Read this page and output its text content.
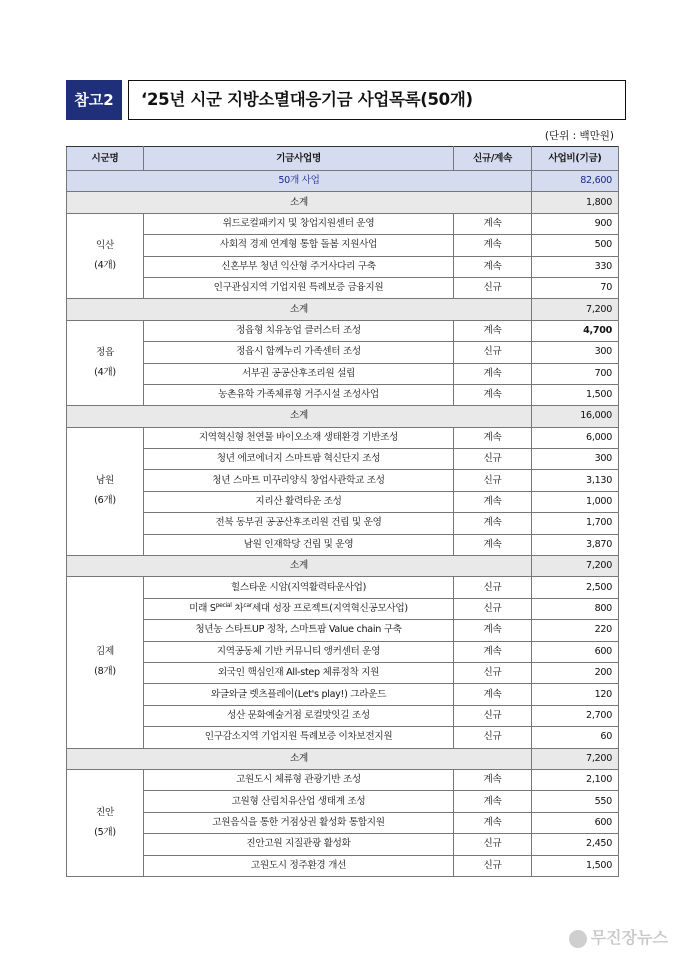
참고2	‘25년 시군 지방소멸대응기금 사업목록(50개)
(단위 : 백만원)
시군명	기금사업명	신규/계속	사업비(기금)
50개 사업			82,600
소계			1,800

익산
(4개)	위드로컬패키지 및 창업지원센터 운영	계속	900
	사회적 경제 연계형 통합 돌봄 지원사업	계속	500
	신혼부부 청년 익산형 주거사다리 구축	계속	330
	인구관심지역 기업지원 특례보증 금융지원	신규	70
소계			7,200

정읍
(4개)	정읍형 치유농업 클러스터 조성	계속	4,700
	정읍시 함께누리 가족센터 조성	신규	300
	서부권 공공산후조리원 설립	계속	700
	농촌유학 가족체류형 거주시설 조성사업	계속	1,500
소계			16,000

남원
(6개)	지역혁신형 천연물 바이오소재 생태환경 기반조성	계속	6,000
	청년 에코에너지 스마트팜 혁신단지 조성	신규	300
	청년 스마트 미꾸리양식 창업사관학교 조성	신규	3,130
	지리산 활력타운 조성	계속	1,000
	전북 동부권 공공산후조리원 건립 및 운영	계속	1,700
	남원 인재학당 건립 및 운영	계속	3,870
소계			7,200

김제
(8개)	힐스타운 시암(지역활력타운사업)	신규	2,500
	미래 $S^{pecial}$ 차$^{car}$세대 성장 프로젝트(지역혁신공모사업)	신규	800
	청년농 스타트UP 정착, 스마트팜 Value chain 구축	계속	220
	지역공동체 기반 커뮤니티 앵커센터 운영	계속	600
	외국인 핵심인재 All-step 체류정착 지원	신규	200
	와글와글 렛츠플레이(Let's play!) 그라운드	계속	120
	성산 문화예술거점 로컬맛잇길 조성	신규	2,700
	인구감소지역 기업지원 특례보증 이차보전지원	신규	60
소계			7,200

진안
(5개)	고원도시 체류형 관광기반 조성	계속	2,100
	고원형 산림치유산업 생태계 조성	계속	550
	고원음식을 통한 거점상권 활성화 통합지원	계속	600
	진안고원 지질관광 활성화	신규	2,450
	고원도시 정주환경 개선	신규	1,500
무진장뉴스
